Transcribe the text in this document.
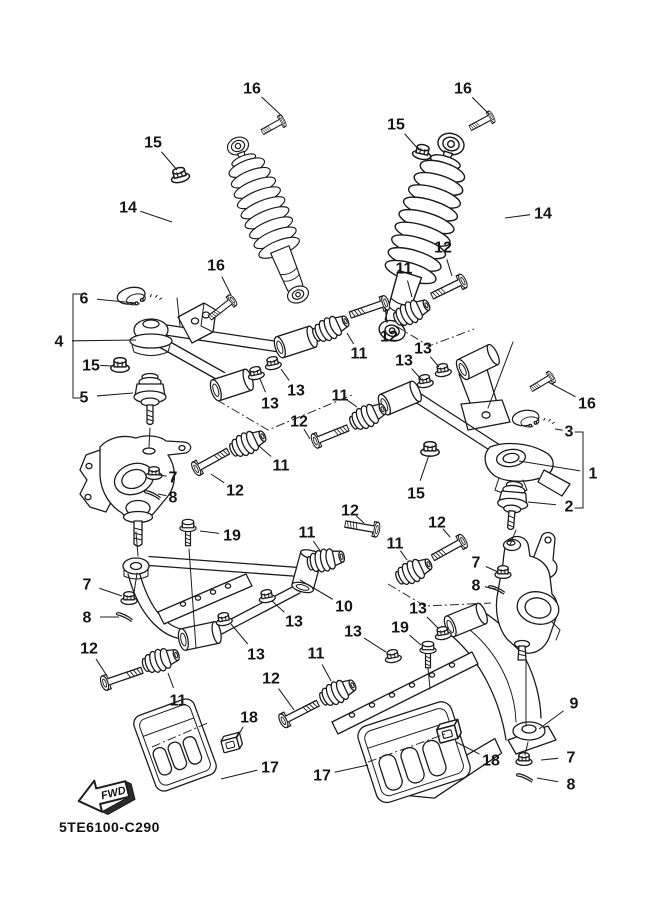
FWD
5TE6100-C290
16
15
14
16
15
14
16
12
11
6
4
11
12
13
13
13
13
15
5	16
3
1
2
15
11
12
11
12
7
8
19	11
12
11
12
7
8
7
8
12
13
13
11
10	13
13 19
12
11
18
17 17
9
18	7
8
